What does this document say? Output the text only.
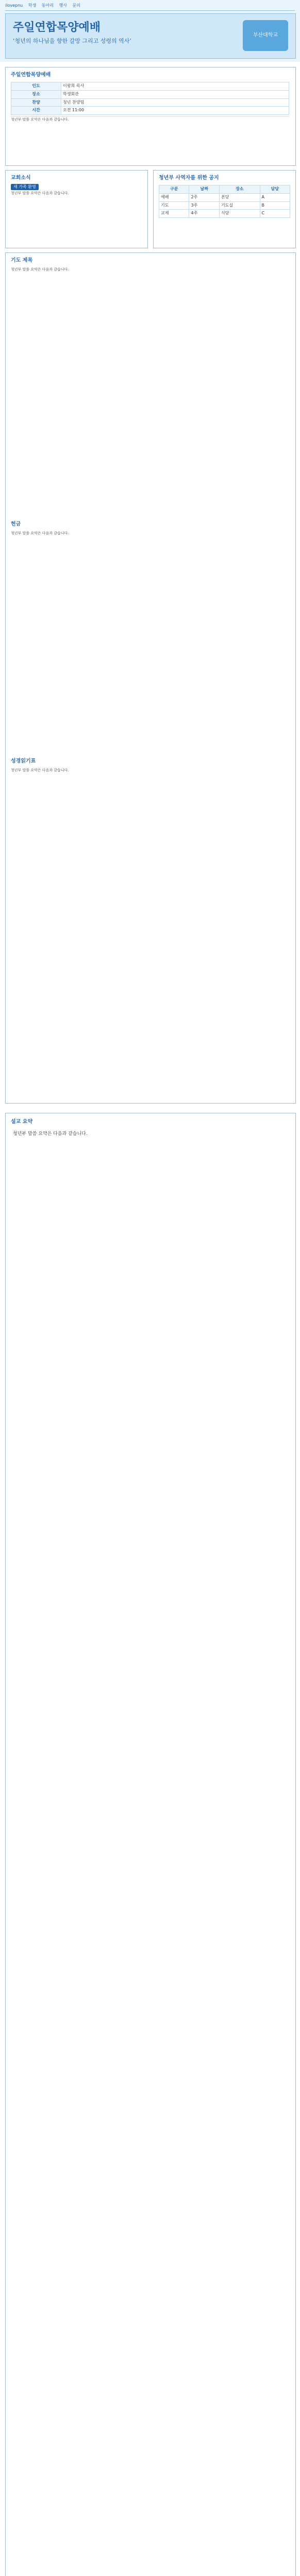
ilovepnu 학생 동아리 행사 문의
주일연합목양예배
‘청년의 하나님을 향한 갈망 그리고 성령의 역사’
부산대학교
주일연합목양예배
인도	이왕희 목사
장소	학생회관
찬양	청년 찬양팀
시간	오전 11:00

청년부 말씀 요약은 다음과 같습니다.

교회소식

새 가족 환영

청년부 말씀 요약은 다음과 같습니다.

청년부 사역자를 위한 공지
구분	날짜	장소	담당
예배	2주	본당	A
기도	3주	기도실	B
교제	4주	식당	C
기도 제목

청년부 말씀 요약은 다음과 같습니다.

헌금

청년부 말씀 요약은 다음과 같습니다.

성경읽기표

청년부 말씀 요약은 다음과 같습니다.

설교 요약

청년부 말씀 요약은 다음과 같습니다.
